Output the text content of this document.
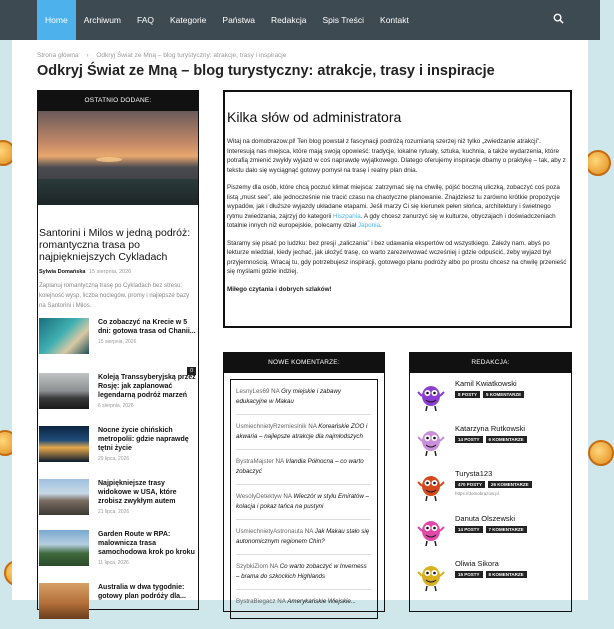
Home	Archiwum	FAQ	Kategorie	Państwa	Redakcja	Spis Treści	Kontakt
Strona główna › Odkryj Świat ze Mną – blog turystyczny: atrakcje, trasy i inspiracje
Odkryj Świat ze Mną – blog turystyczny: atrakcje, trasy i inspiracje
OSTATNIO DODANE:
Santorini i Milos w jedną podróż: romantyczna trasa po najpiękniejszych Cykladach
Sylwia Domańska 15 sierpnia, 2026
0
Zaplanuj romantyczną trasę po Cykladach bez stresu: kolejność wysp, liczba noclegów, promy i najlepsze bazy na Santorini i Milos.
Co zobaczyć na Krecie w 5 dni: gotowa trasa od Chanii...
15 sierpnia, 2026
Koleją Transsyberyjską przez Rosję: jak zaplanować legendarną podróż marzeń
6 sierpnia, 2026
Nocne życie chińskich metropolii: gdzie naprawdę tętni życie
29 lipca, 2026
Najpiękniejsze trasy widokowe w USA, które zrobisz zwykłym autem
21 lipca, 2026
Garden Route w RPA: malownicza trasa samochodowa krok po kroku
11 lipca, 2026
Australia w dwa tygodnie: gotowy plan podróży dla...
Kilka słów od administratora

Witaj na domobrazow.pl! Ten blog powstał z fascynacji podróżą rozumianą szerzej niż tylko „zwiedzanie atrakcji”. Interesują nas miejsca, które mają swoją opowieść: tradycje, lokalne rytuały, sztuka, kuchnia, a także wydarzenia, które potrafią zmienić zwykły wyjazd w coś naprawdę wyjątkowego. Dlatego oferujemy inspiracje dbamy o praktykę – tak, aby z tekstu dało się wyciągnąć gotowy pomysł na trasę i realny plan dnia.

Piszemy dla osób, które chcą poczuć klimat miejsca: zatrzymać się na chwilę, pójść boczną uliczką, zobaczyć coś poza listą „must see”, ale jednocześnie nie tracić czasu na chaotyczne planowanie. Znajdziesz tu zarówno krótkie propozycje wypadów, jak i dłuższe wyjazdy układane etapami. Jeśli marzy Ci się kierunek pełen słońca, architektury i świetnego rytmu zwiedzania, zajrzyj do kategorii Hiszpania. A gdy chcesz zanurzyć się w kulturze, obyczajach i doświadczeniach totalnie innych niż europejskie, polecamy dział Japonia.

Staramy się pisać po ludzku: bez presji „zaliczania” i bez udawania ekspertów od wszystkiego. Zależy nam, abyś po lekturze wiedział, kiedy jechać, jak ułożyć trasę, co warto zarezerwować wcześniej i gdzie odpuścić, żeby wyjazd był przyjemnością. Wracaj tu, gdy potrzebujesz inspiracji, gotowego planu podróży albo po prostu chcesz na chwilę przenieść się myślami gdzie indziej.

Miłego czytania i dobrych szlaków!

NOWE KOMENTARZE:
LesnyLes69 NA Gry miejskie i zabawy edukacyjne w Makau
UsmiechnietyRzemieslnik NA Koreańskie ZOO i akwaria – najlepsze atrakcje dla najmłodszych
BystraMajster NA Irlandia Północna – co warto zobaczyć
WesolyDetektyw NA Wieczór w stylu Emiratów – kolacja i pokaz tańca na pustyni
UsmiechnietyAstronauta NA Jak Makau stało się autonomicznym regionem Chin?
SzybkiZiom NA Co warto zobaczyć w Inverness – brama do szkockich Highlands
BystraBiegacz NA Amerykańskie Wiejskie...
REDAKCJA:
Kamil Kwiatkowski
8 POSTY	5 KOMENTARZE
Katarzyna Rutkowski
14 POSTY	6 KOMENTARZE
Turysta123
470 POSTY	26 KOMENTARZE
https://domobrazow.pl
Danuta Olszewski
14 POSTY	7 KOMENTARZE
Oliwia Sikora
15 POSTY	8 KOMENTARZE
